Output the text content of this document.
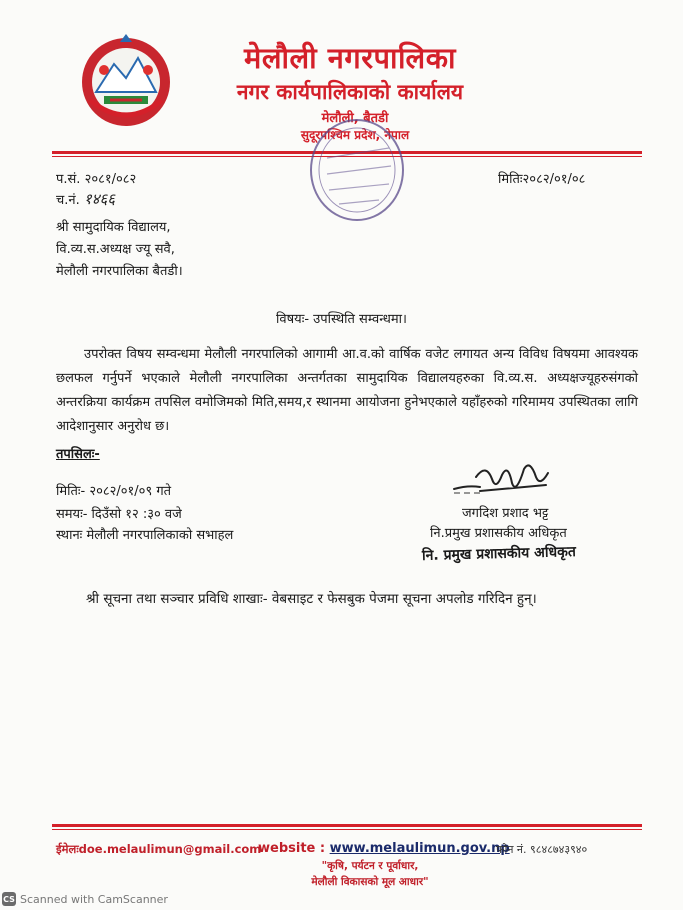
मेलौली नगरपालिका
नगर कार्यपालिकाको कार्यालय
मेलौली, बैतडी
सुदूरपश्चिम प्रदेश, नेपाल
प.सं. २०८१/०८२
च.नं. १४६६
मितिः२०८२/०१/०८
श्री सामुदायिक विद्यालय,
वि.व्य.स.अध्यक्ष ज्यू सवै,
मेलौली नगरपालिका बैतडी।
विषयः- उपस्थिति सम्वन्धमा।
उपरोक्त विषय सम्वन्धमा मेलौली नगरपालिको आगामी आ.व.को वार्षिक वजेट लगायत अन्य विविध विषयमा आवश्यक छलफल गर्नुपर्ने भएकाले मेलौली नगरपालिका अन्तर्गतका सामुदायिक विद्यालयहरुका वि.व्य.स. अध्यक्षज्यूहरुसंगको अन्तरक्रिया कार्यक्रम तपसिल वमोजिमको मिति,समय,र स्थानमा आयोजना हुनेभएकाले यहाँहरुको गरिमामय उपस्थितका लागि आदेशानुसार अनुरोध छ।
तपसिलः-
मितिः- २०८२/०१/०९ गते
समयः- दिउँसो १२ :३० वजे
स्थानः मेलौली नगरपालिकाको सभाहल
जगदिश प्रशाद भट्ट
नि.प्रमुख प्रशासकीय अधिकृत
नि. प्रमुख प्रशासकीय अधिकृत
श्री सूचना तथा सञ्चार प्रविधि शाखाः- वेबसाइट र फेसबुक पेजमा सूचना अपलोड गरिदिन हुन्।
ईमेलःdoe.melaulimun@gmail.com
website : www.melaulimun.gov.np
फोन नं. ९८४८७४३९४०
"कृषि, पर्यटन र पूर्वाधार,
मेलौली विकासको मूल आधार"
CS Scanned with CamScanner
